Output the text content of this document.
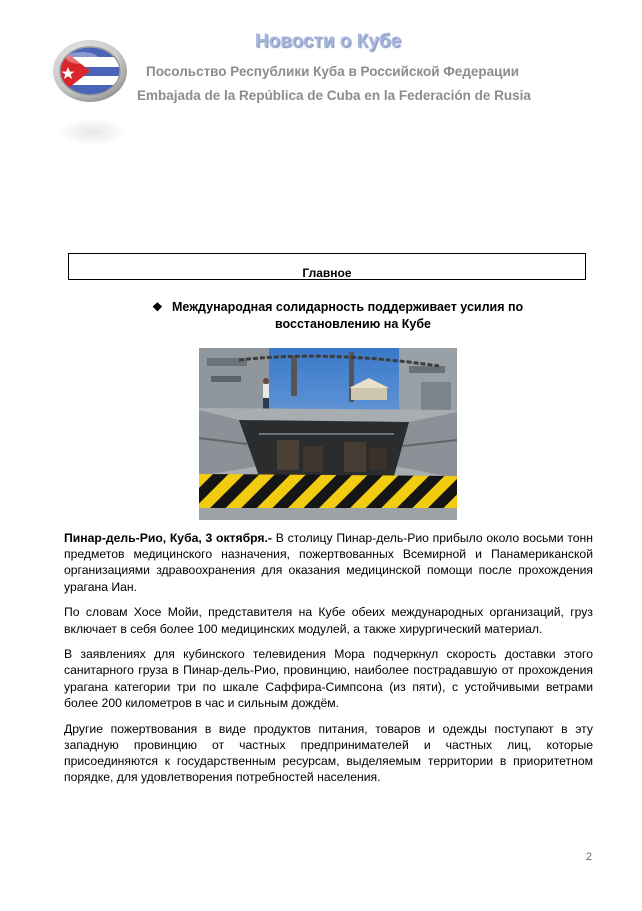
Новости о Кубе
Посольство Республики Куба в Российской Федерации
Embajada de la República de Cuba en la Federación de Rusia
Главное
❖ Международная солидарность поддерживает усилия по
восстановлению на Кубе

Пинар-дель-Рио, Куба, 3 октября.- В столицу Пинар-дель-Рио прибыло около восьми тонн предметов медицинского назначения, пожертвованных Всемирной и Панамериканской организациями здравоохранения для оказания медицинской помощи после прохождения урагана Иан.

По словам Хосе Мойи, представителя на Кубе обеих международных организаций, груз включает в себя более 100 медицинских модулей, а также хирургический материал.

В заявлениях для кубинского телевидения Мора подчеркнул скорость доставки этого санитарного груза в Пинар-дель-Рио, провинцию, наиболее пострадавшую от прохождения урагана категории три по шкале Саффира-Симпсона (из пяти), с устойчивыми ветрами более 200 километров в час и сильным дождём.

Другие пожертвования в виде продуктов питания, товаров и одежды поступают в эту западную провинцию от частных предпринимателей и частных лиц, которые присоединяются к государственным ресурсам, выделяемым территории в приоритетном порядке, для удовлетворения потребностей населения.

2
